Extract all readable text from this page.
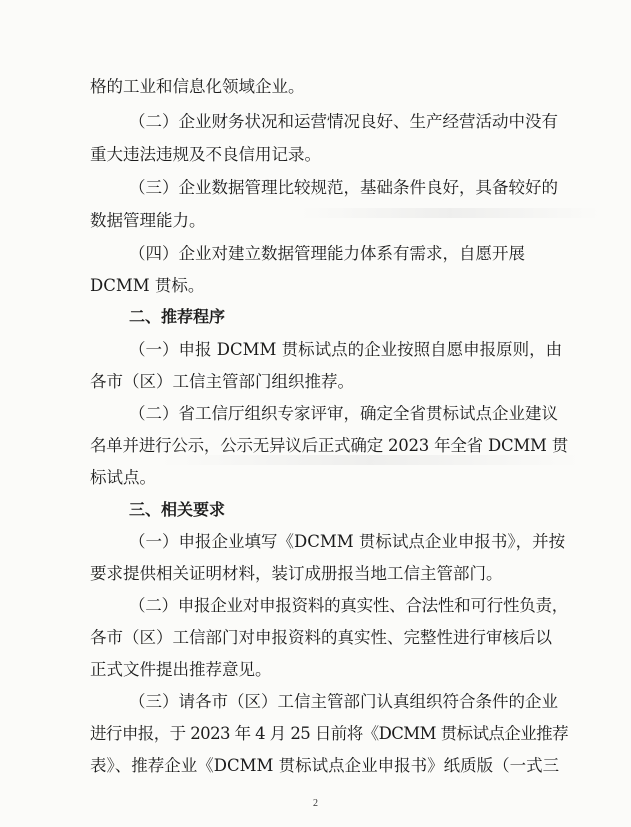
格的工业和信息化领域企业。
（二）企业财务状况和运营情况良好、生产经营活动中没有
重大违法违规及不良信用记录。
（三）企业数据管理比较规范，基础条件良好，具备较好的
数据管理能力。
（四）企业对建立数据管理能力体系有需求，自愿开展
DCMM 贯标。
二、推荐程序
（一）申报 DCMM 贯标试点的企业按照自愿申报原则，由
各市（区）工信主管部门组织推荐。
（二）省工信厅组织专家评审，确定全省贯标试点企业建议
名单并进行公示，公示无异议后正式确定 2023 年全省 DCMM 贯
标试点。
三、相关要求
（一）申报企业填写《DCMM 贯标试点企业申报书》，并按
要求提供相关证明材料，装订成册报当地工信主管部门。
（二）申报企业对申报资料的真实性、合法性和可行性负责，
各市（区）工信部门对申报资料的真实性、完整性进行审核后以
正式文件提出推荐意见。
（三）请各市（区）工信主管部门认真组织符合条件的企业
进行申报，于 2023 年 4 月 25 日前将《DCMM 贯标试点企业推荐
表》、推荐企业《DCMM 贯标试点企业申报书》纸质版（一式三
2
